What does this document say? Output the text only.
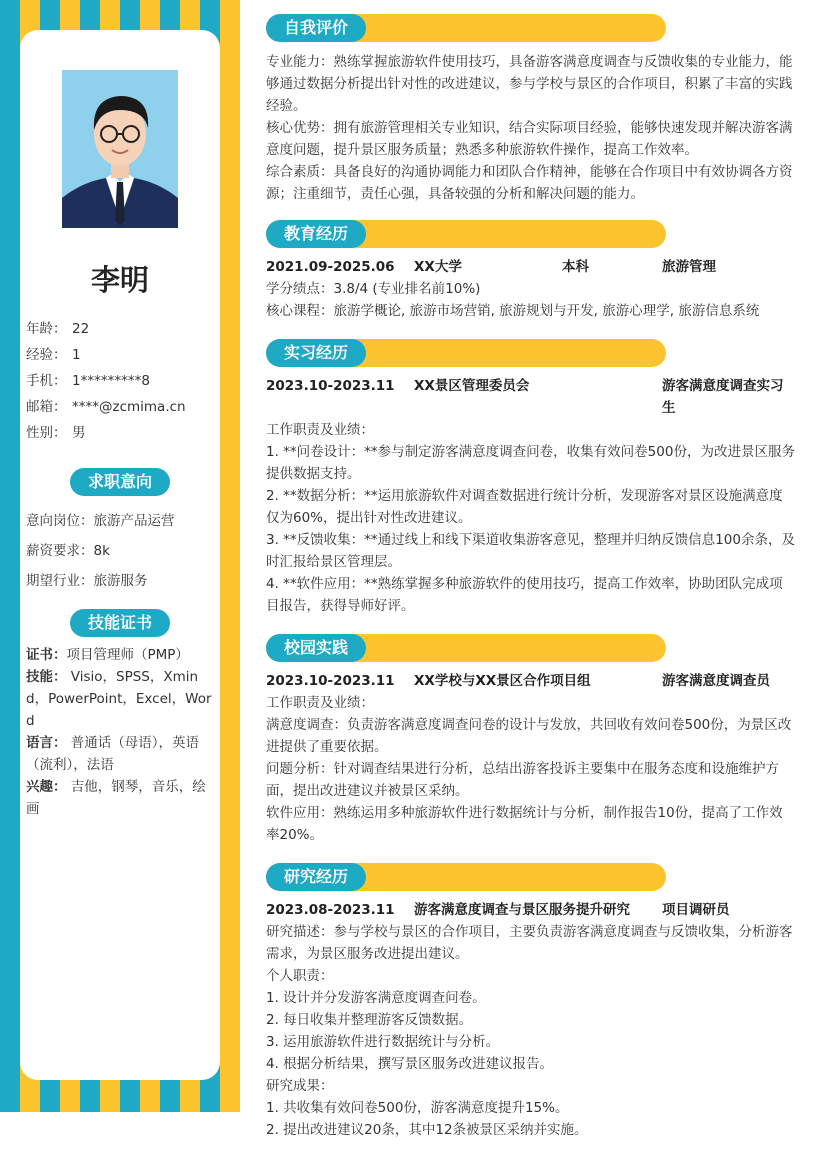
李明
年龄： 22
经验： 1
手机： 1*********8
邮箱： ****@zcmima.cn
性别： 男
求职意向
意向岗位：旅游产品运营
薪资要求：8k
期望行业：旅游服务
技能证书

证书：项目管理师（PMP）

技能： Visio，SPSS，Xmind，PowerPoint，Excel，Word

语言： 普通话（母语），英语（流利），法语

兴趣： 吉他，钢琴，音乐，绘画

自我评价

专业能力：熟练掌握旅游软件使用技巧，具备游客满意度调查与反馈收集的专业能力，能够通过数据分析提出针对性的改进建议，参与学校与景区的合作项目，积累了丰富的实践经验。

核心优势：拥有旅游管理相关专业知识，结合实际项目经验，能够快速发现并解决游客满意度问题，提升景区服务质量；熟悉多种旅游软件操作，提高工作效率。

综合素质：具备良好的沟通协调能力和团队合作精神，能够在合作项目中有效协调各方资源；注重细节，责任心强，具备较强的分析和解决问题的能力。

教育经历
2021.09-2025.06 XX大学	本科	旅游管理

学分绩点：3.8/4 (专业排名前10%)

核心课程：旅游学概论, 旅游市场营销, 旅游规划与开发, 旅游心理学, 旅游信息系统

实习经历
2023.10-2023.11 XX景区管理委员会	游客满意度调查实习生

工作职责及业绩：

1. **问卷设计：**参与制定游客满意度调查问卷，收集有效问卷500份，为改进景区服务提供数据支持。

2. **数据分析：**运用旅游软件对调查数据进行统计分析，发现游客对景区设施满意度仅为60%，提出针对性改进建议。

3. **反馈收集：**通过线上和线下渠道收集游客意见，整理并归纳反馈信息100余条，及时汇报给景区管理层。

4. **软件应用：**熟练掌握多种旅游软件的使用技巧，提高工作效率，协助团队完成项目报告，获得导师好评。

校园实践
2023.10-2023.11 XX学校与XX景区合作项目组	游客满意度调查员

工作职责及业绩：

满意度调查：负责游客满意度调查问卷的设计与发放，共回收有效问卷500份，为景区改进提供了重要依据。

问题分析：针对调查结果进行分析，总结出游客投诉主要集中在服务态度和设施维护方面，提出改进建议并被景区采纳。

软件应用：熟练运用多种旅游软件进行数据统计与分析，制作报告10份，提高了工作效率20%。

研究经历
2023.08-2023.11 游客满意度调查与景区服务提升研究 项目调研员

研究描述：参与学校与景区的合作项目，主要负责游客满意度调查与反馈收集，分析游客需求，为景区服务改进提出建议。

个人职责：

1. 设计并分发游客满意度调查问卷。

2. 每日收集并整理游客反馈数据。

3. 运用旅游软件进行数据统计与分析。

4. 根据分析结果，撰写景区服务改进建议报告。

研究成果：

1. 共收集有效问卷500份，游客满意度提升15%。

2. 提出改进建议20条，其中12条被景区采纳并实施。
